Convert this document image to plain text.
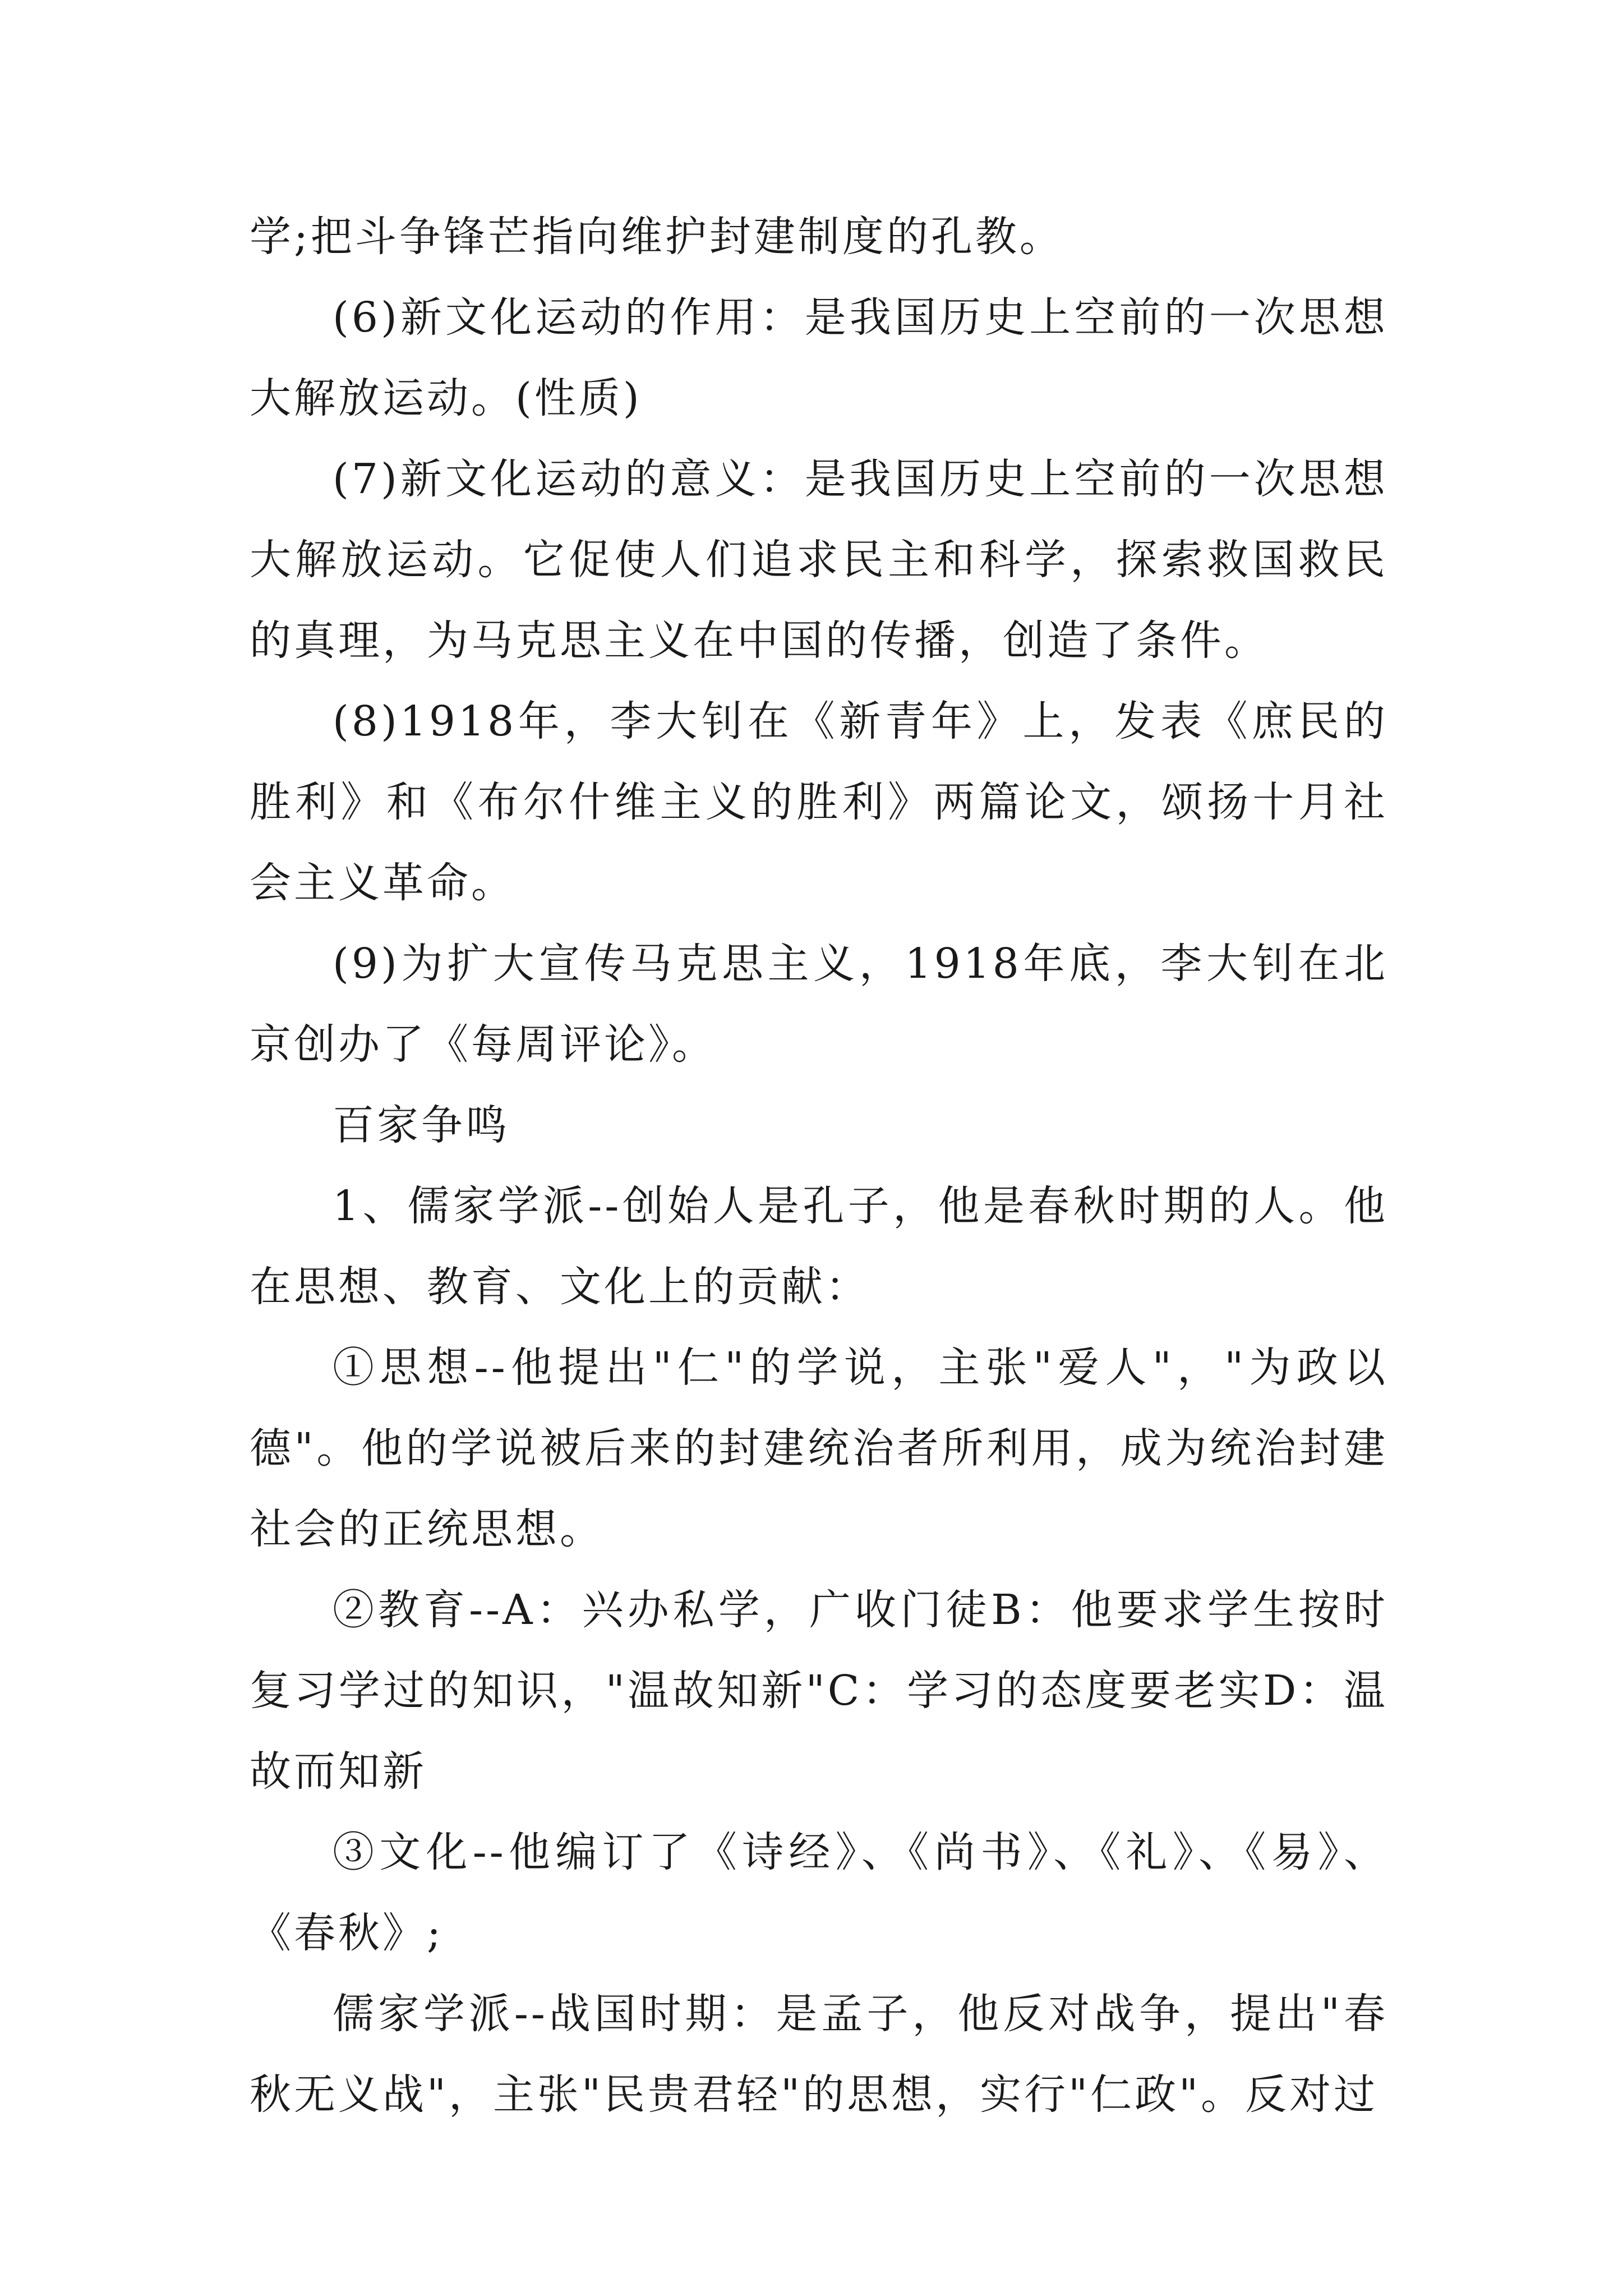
学;把斗争锋芒指向维护封建制度的孔教。

(6)新文化运动的作用：是我国历史上空前的一次思想大解放运动。(性质)

(7)新文化运动的意义：是我国历史上空前的一次思想大解放运动。它促使人们追求民主和科学，探索救国救民的真理，为马克思主义在中国的传播，创造了条件。

(8)1918年，李大钊在《新青年》上，发表《庶民的胜利》和《布尔什维主义的胜利》两篇论文，颂扬十月社会主义革命。

(9)为扩大宣传马克思主义，1918年底，李大钊在北京创办了《每周评论》。

百家争鸣

1、儒家学派--创始人是孔子，他是春秋时期的人。他在思想、教育、文化上的贡献：

①思想--他提出"仁"的学说，主张"爱人"，"为政以德"。他的学说被后来的封建统治者所利用，成为统治封建社会的正统思想。

②教育--A：兴办私学，广收门徒B：他要求学生按时复习学过的知识，"温故知新"C：学习的态度要老实D：温故而知新

③文化--他编订了《诗经》、《尚书》、《礼》、《易》、《春秋》;

儒家学派--战国时期：是孟子，他反对战争，提出"春秋无义战"，主张"民贵君轻"的思想，实行"仁政"。反对过
